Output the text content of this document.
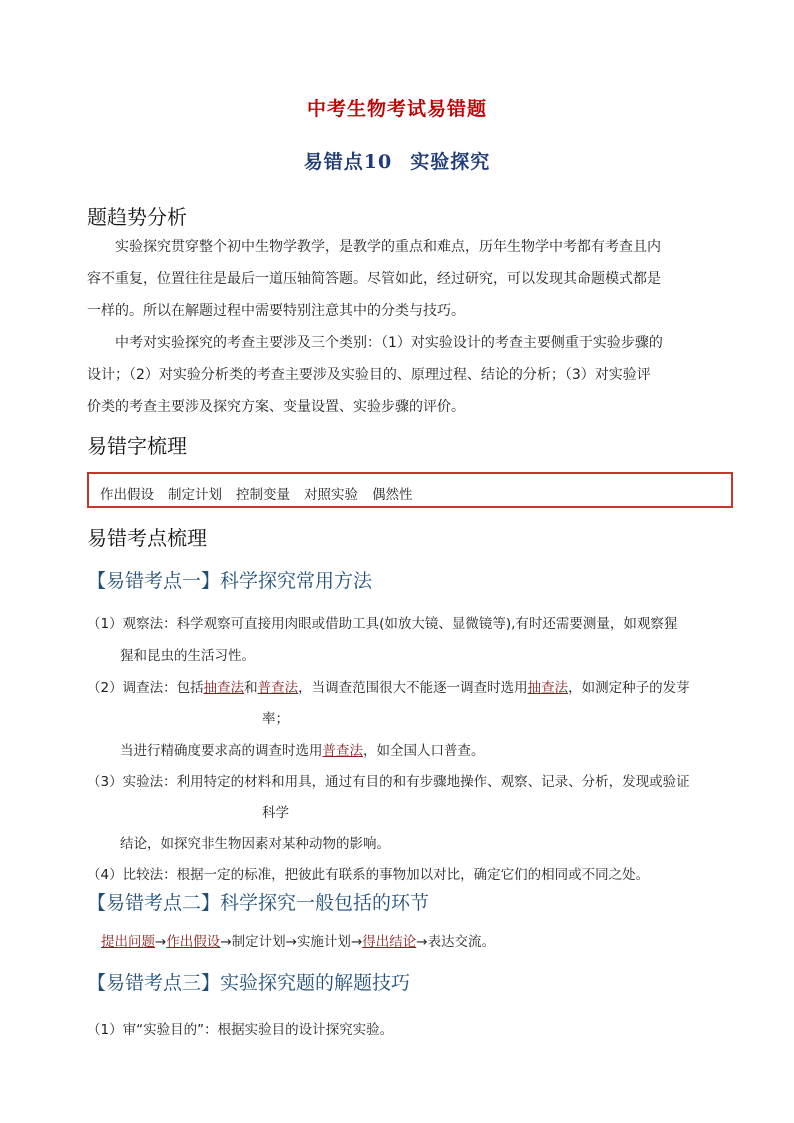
中考生物考试易错题
易错点10 实验探究
题趋势分析
实验探究贯穿整个初中生物学教学，是教学的重点和难点，历年生物学中考都有考查且内
容不重复，位置往往是最后一道压轴简答题。尽管如此，经过研究，可以发现其命题模式都是
一样的。所以在解题过程中需要特别注意其中的分类与技巧。
中考对实验探究的考查主要涉及三个类别：（1）对实验设计的考查主要侧重于实验步骤的
设计；（2）对实验分析类的考查主要涉及实验目的、原理过程、结论的分析；（3）对实验评
价类的考查主要涉及探究方案、变量设置、实验步骤的评价。
易错字梳理
作出假设 制定计划 控制变量 对照实验 偶然性
易错考点梳理
【易错考点一】科学探究常用方法
（1）观察法：科学观察可直接用肉眼或借助工具(如放大镜、显微镜等),有时还需要测量，如观察猩
猩和昆虫的生活习性。
（2）调查法：包括抽查法和普查法，当调查范围很大不能逐一调查时选用抽查法，如测定种子的发芽
率；
当进行精确度要求高的调查时选用普查法，如全国人口普查。
（3）实验法：利用特定的材料和用具，通过有目的和有步骤地操作、观察、记录、分析，发现或验证
科学
结论，如探究非生物因素对某种动物的影响。
（4）比较法：根据一定的标准，把彼此有联系的事物加以对比，确定它们的相同或不同之处。
【易错考点二】科学探究一般包括的环节
提出问题→作出假设→制定计划→实施计划→得出结论→表达交流。
【易错考点三】实验探究题的解题技巧
（1）审“实验目的”：根据实验目的设计探究实验。
